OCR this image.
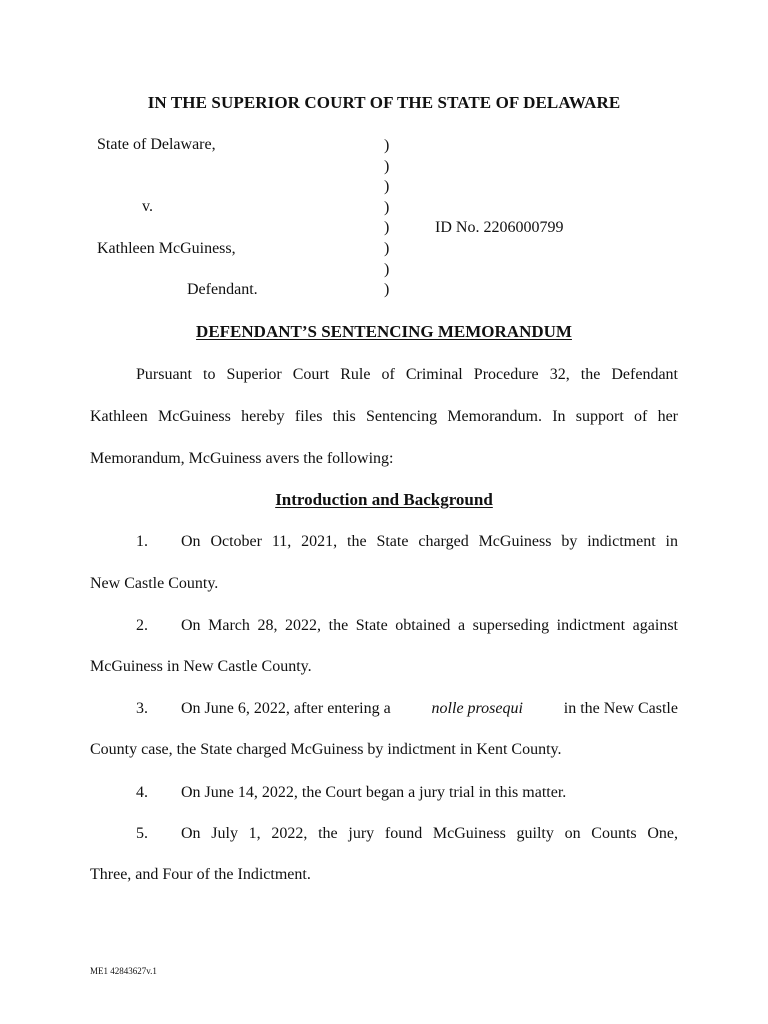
IN THE SUPERIOR COURT OF THE STATE OF DELAWARE
State of Delaware,
v.
Kathleen McGuiness,
Defendant.
)
)
)
)
)
)
)
)
ID No. 2206000799
DEFENDANT’S SENTENCING MEMORANDUM
Pursuant to Superior Court Rule of Criminal Procedure 32, the Defendant
Kathleen McGuiness hereby files this Sentencing Memorandum. In support of her
Memorandum, McGuiness avers the following:
Introduction and Background
1. On October 11, 2021, the State charged McGuiness by indictment in
New Castle County.
2. On March 28, 2022, the State obtained a superseding indictment against
McGuiness in New Castle County.
3. On June 6, 2022, after entering a	nolle prosequi	in the New Castle
County case, the State charged McGuiness by indictment in Kent County.
4. On June 14, 2022, the Court began a jury trial in this matter.
5. On July 1, 2022, the jury found McGuiness guilty on Counts One,
Three, and Four of the Indictment.
ME1 42843627v.1
